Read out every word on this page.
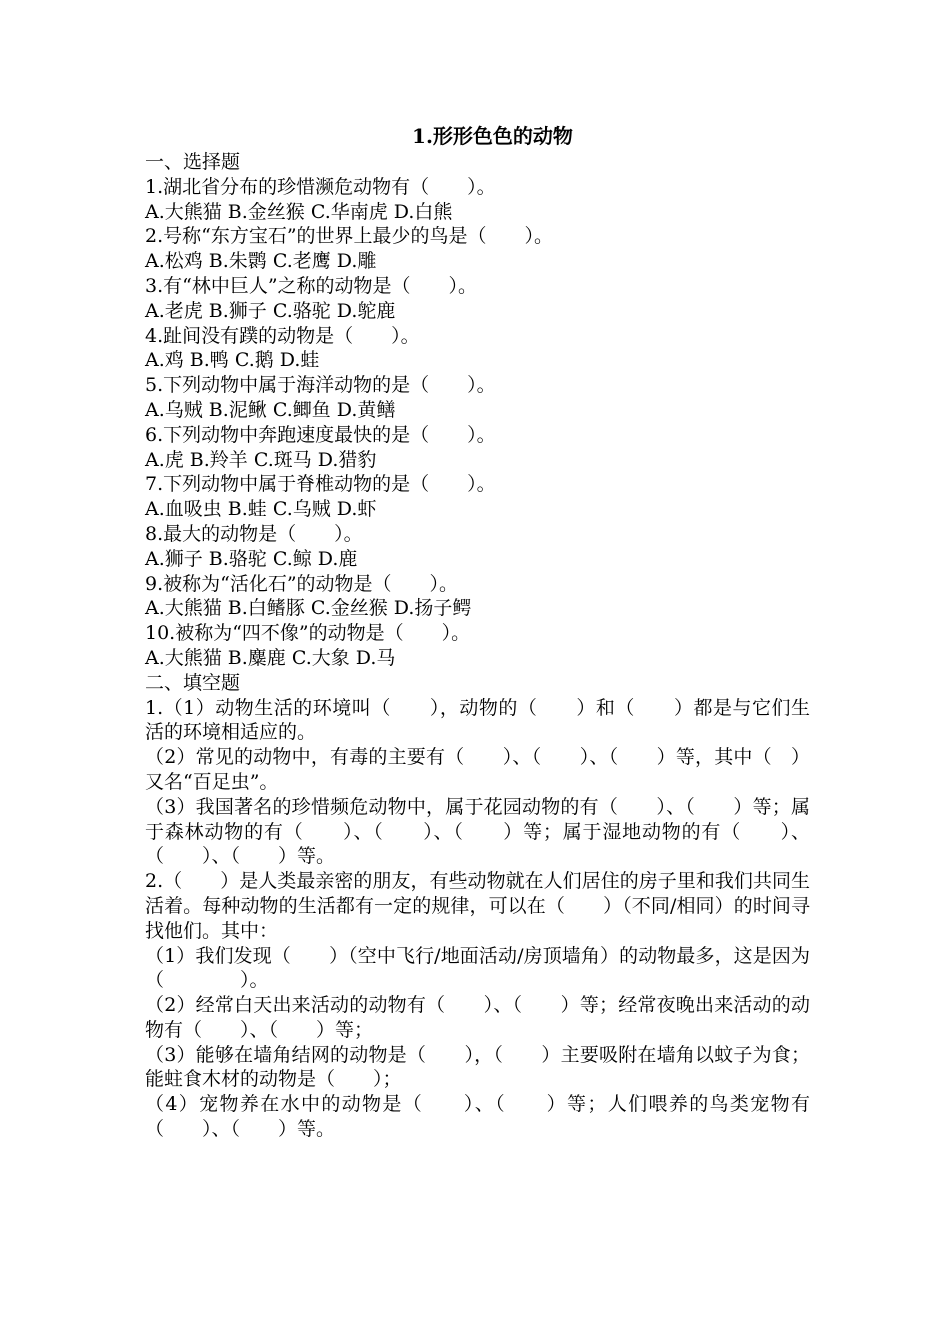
1.形形色色的动物
一、选择题
1.湖北省分布的珍惜濒危动物有（　　）。
A.大熊猫 B.金丝猴 C.华南虎 D.白熊
2.号称“东方宝石”的世界上最少的鸟是（　　）。
A.松鸡 B.朱鹮 C.老鹰 D.雕
3.有“林中巨人”之称的动物是（　　）。
A.老虎 B.狮子 C.骆驼 D.鸵鹿
4.趾间没有蹼的动物是（　　）。
A.鸡 B.鸭 C.鹅 D.蛙
5.下列动物中属于海洋动物的是（　　）。
A.乌贼 B.泥鳅 C.鲫鱼 D.黄鳝
6.下列动物中奔跑速度最快的是（　　）。
A.虎 B.羚羊 C.斑马 D.猎豹
7.下列动物中属于脊椎动物的是（　　）。
A.血吸虫 B.蛙 C.乌贼 D.虾
8.最大的动物是（　　）。
A.狮子 B.骆驼 C.鲸 D.鹿
9.被称为“活化石”的动物是（　　）。
A.大熊猫 B.白鳍豚 C.金丝猴 D.扬子鳄
10.被称为“四不像”的动物是（　　）。
A.大熊猫 B.麋鹿 C.大象 D.马
二、填空题
1.（1）动物生活的环境叫（　　），动物的（　　）和（　　）都是与它们生活的环境相适应的。
（2）常见的动物中，有毒的主要有（　　）、（　　）、（　　）等，其中（　）又名“百足虫”。
（3）我国著名的珍惜频危动物中，属于花园动物的有（　　）、（　　）等；属于森林动物的有（　　）、（　　）、（　　）等；属于湿地动物的有（　　）、（　　）、（　　）等。
2.（　　）是人类最亲密的朋友，有些动物就在人们居住的房子里和我们共同生活着。每种动物的生活都有一定的规律，可以在（　　）（不同/相同）的时间寻找他们。其中：
（1）我们发现（　　）（空中飞行/地面活动/房顶墙角）的动物最多，这是因为（　　　　）。
（2）经常白天出来活动的动物有（　　）、（　　）等；经常夜晚出来活动的动物有（　　）、（　　）等；
（3）能够在墙角结网的动物是（　　），（　　）主要吸附在墙角以蚊子为食；能蛀食木材的动物是（　　）；
（4）宠物养在水中的动物是（　　）、（　　）等；人们喂养的鸟类宠物有（　　）、（　　）等。
